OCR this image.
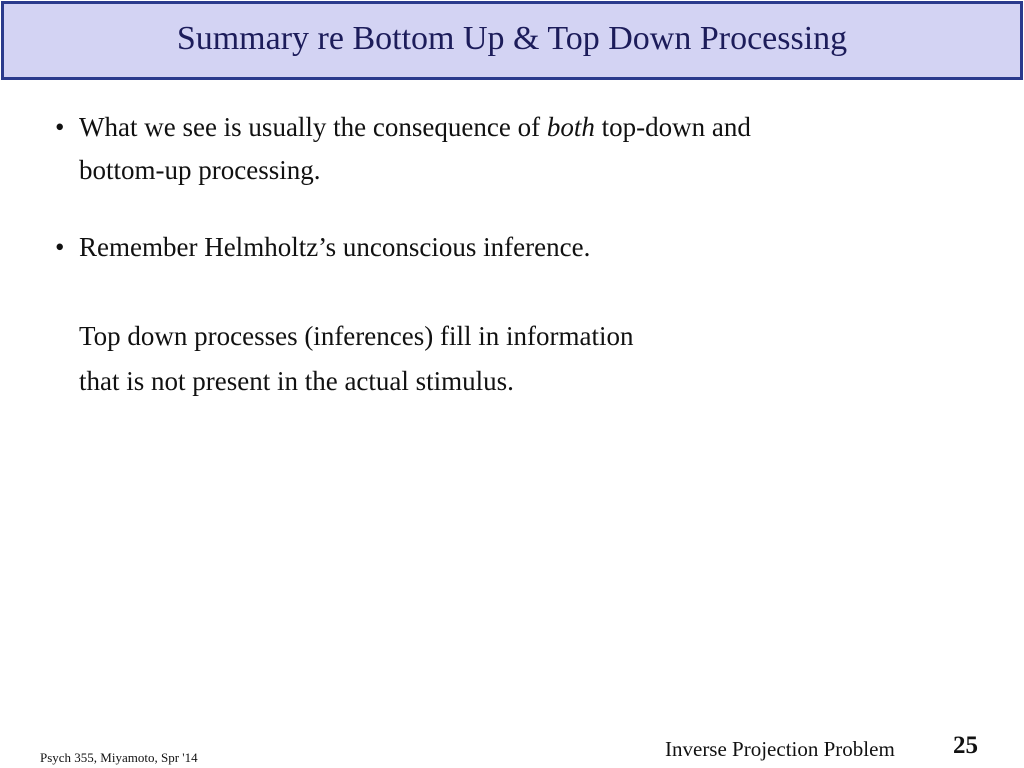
Summary re Bottom Up & Top Down Processing
• What we see is usually the consequence of both top-down and
bottom-up processing.
• Remember Helmholtz’s unconscious inference.
Top down processes (inferences) fill in information
that is not present in the actual stimulus.
Psych 355, Miyamoto, Spr '14	Inverse Projection Problem 25
